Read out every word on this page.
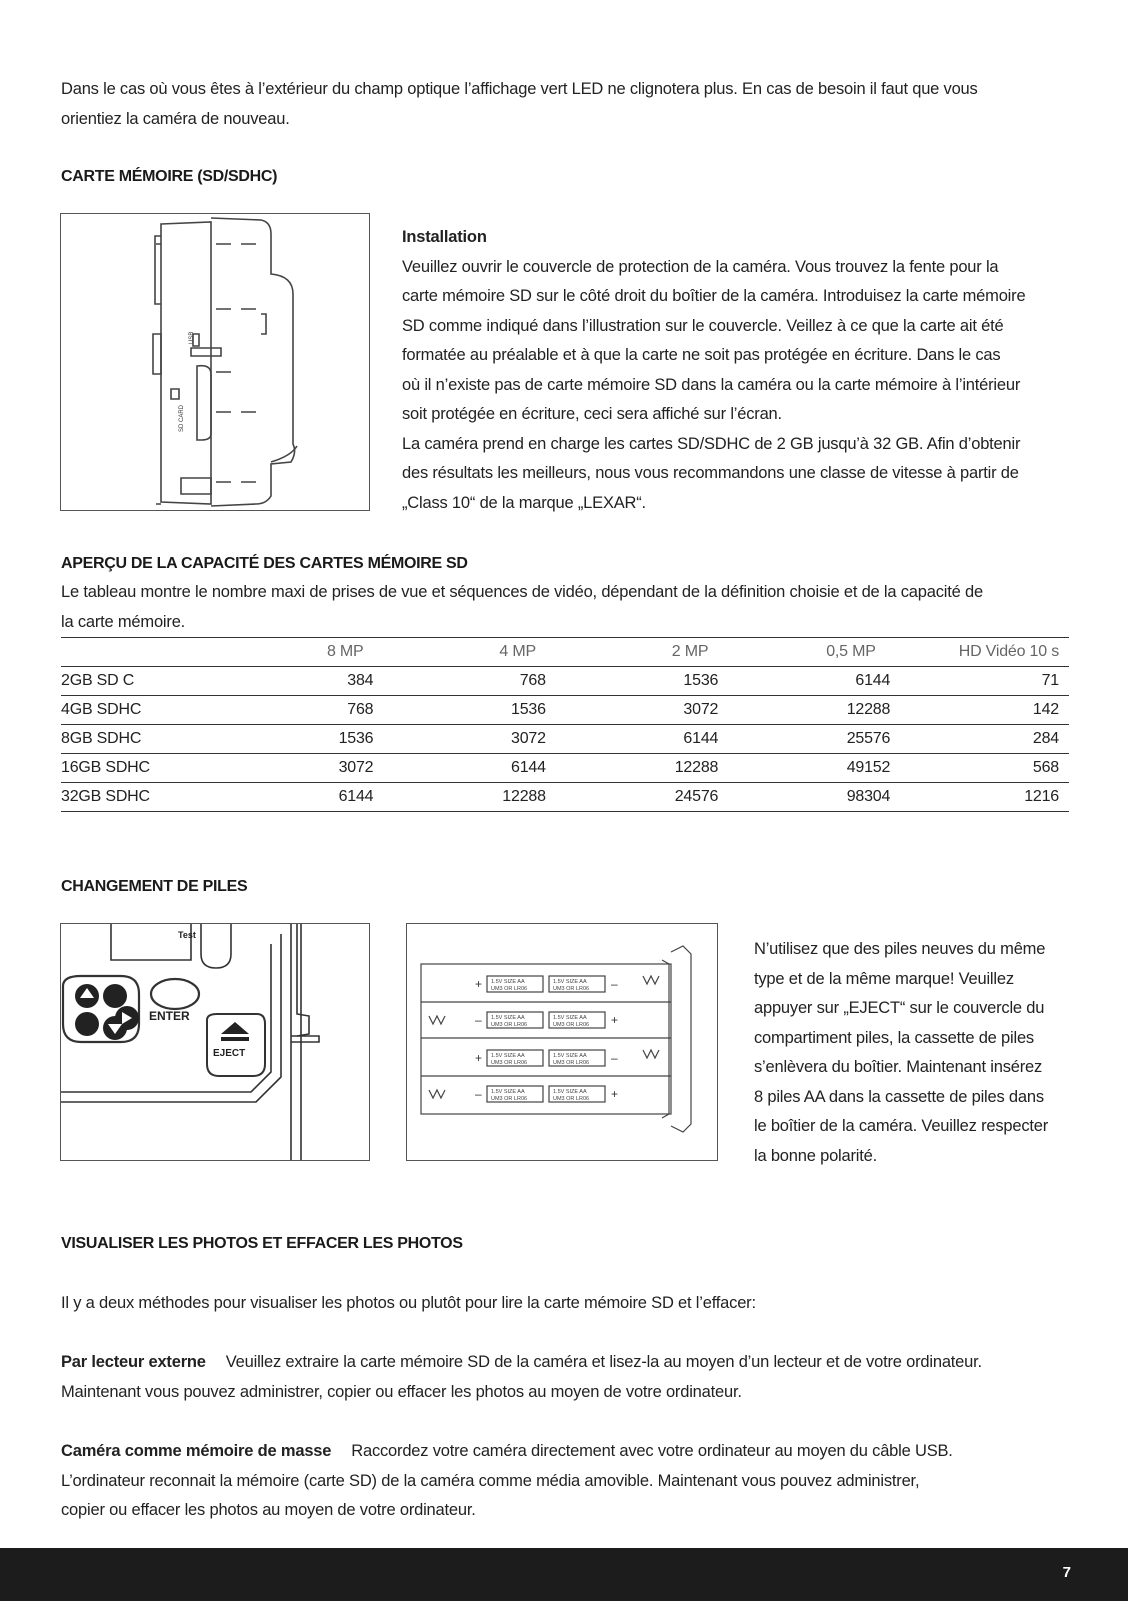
Dans le cas où vous êtes à l’extérieur du champ optique l’affichage vert LED ne clignotera plus. En cas de besoin il faut que vous
orientiez la caméra de nouveau.
CARTE MÉMOIRE (SD/SDHC)
USB
SD CARD
Installation
Veuillez ouvrir le couvercle de protection de la caméra. Vous trouvez la fente pour la
carte mémoire SD sur le côté droit du boîtier de la caméra. Introduisez la carte mémoire
SD comme indiqué dans l’illustration sur le couvercle. Veillez à ce que la carte ait été
formatée au préalable et à que la carte ne soit pas protégée en écriture. Dans le cas
où il n’existe pas de carte mémoire SD dans la caméra ou la carte mémoire à l’intérieur
soit protégée en écriture, ceci sera affiché sur l’écran.
La caméra prend en charge les cartes SD/SDHC de 2 GB jusqu’à 32 GB. Afin d’obtenir
des résultats les meilleurs, nous vous recommandons une classe de vitesse à partir de
„Class 10“ de la marque „LEXAR“.
APERÇU DE LA CAPACITÉ DES CARTES MÉMOIRE SD
Le tableau montre le nombre maxi de prises de vue et séquences de vidéo, dépendant de la définition choisie et de la capacité de
la carte mémoire.
	8 MP	4 MP	2 MP	0,5 MP	HD Vidéo 10 s
2GB SD C	384	768	1536	6144	71
4GB SDHC	768	1536	3072	12288	142
8GB SDHC	1536	3072	6144	25576	284
16GB SDHC	3072	6144	12288	49152	568
32GB SDHC	6144	12288	24576	98304	1216
CHANGEMENT DE PILES
ENTER
EJECT
Test
1.5V SIZE AA
UM3 OR LR06
1.5V SIZE AA
UM3 OR LR06
1.5V SIZE AA
UM3 OR LR06
1.5V SIZE AA
UM3 OR LR06
1.5V SIZE AA
UM3 OR LR06
1.5V SIZE AA
UM3 OR LR06
1.5V SIZE AA
UM3 OR LR06
1.5V SIZE AA
UM3 OR LR06
+	–
–	+
+	–
–	+
N’utilisez que des piles neuves du même
type et de la même marque! Veuillez
appuyer sur „EJECT“ sur le couvercle du
compartiment piles, la cassette de piles
s’enlèvera du boîtier. Maintenant insérez
8 piles AA dans la cassette de piles dans
le boîtier de la caméra. Veuillez respecter
la bonne polarité.
VISUALISER LES PHOTOS ET EFFACER LES PHOTOS
Il y a deux méthodes pour visualiser les photos ou plutôt pour lire la carte mémoire SD et l’effacer:
Par lecteur externe Veuillez extraire la carte mémoire SD de la caméra et lisez-la au moyen d’un lecteur et de votre ordinateur.
Maintenant vous pouvez administrer, copier ou effacer les photos au moyen de votre ordinateur.
Caméra comme mémoire de masse Raccordez votre caméra directement avec votre ordinateur au moyen du câble USB.
L’ordinateur reconnait la mémoire (carte SD) de la caméra comme média amovible. Maintenant vous pouvez administrer,
copier ou effacer les photos au moyen de votre ordinateur.
7
